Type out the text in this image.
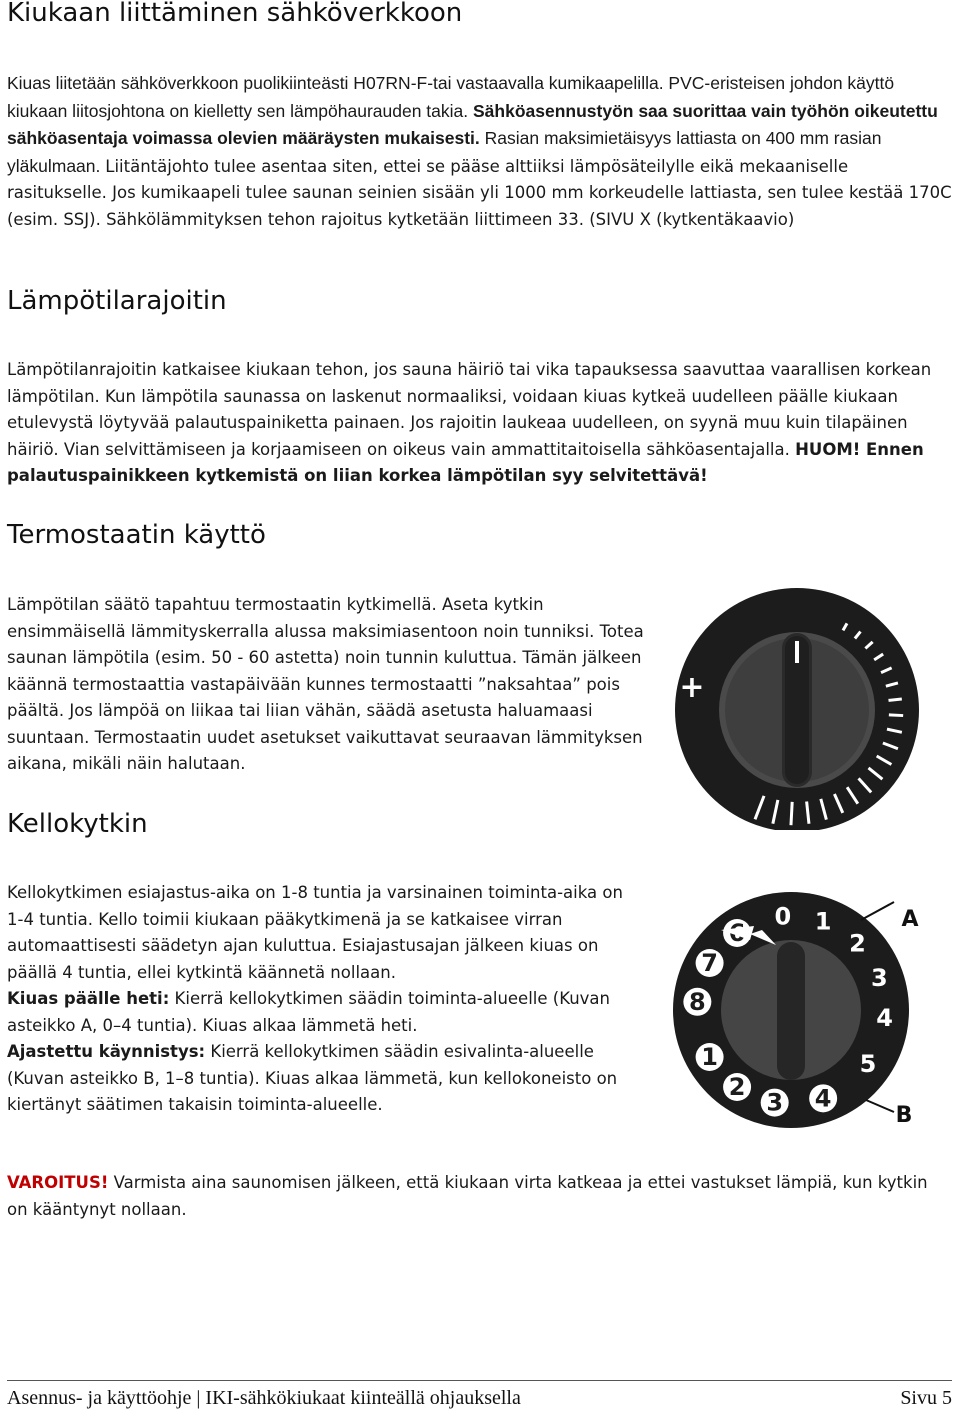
Kiukaan liittäminen sähköverkkoon

Kiuas liitetään sähköverkkoon puolikiinteästi H07RN-F-tai vastaavalla kumikaapelilla. PVC-eristeisen johdon käyttö kiukaan liitosjohtona on kielletty sen lämpöhaurauden takia. Sähköasennustyön saa suorittaa vain työhön oikeutettu sähköasentaja voimassa olevien määräysten mukaisesti. Rasian maksimietäisyys lattiasta on 400 mm rasian yläkulmaan. Liitäntäjohto tulee asentaa siten, ettei se pääse alttiiksi lämpösäteilylle eikä mekaaniselle rasitukselle. Jos kumikaapeli tulee saunan seinien sisään yli 1000 mm korkeudelle lattiasta, sen tulee kestää 170C (esim. SSJ). Sähkölämmityksen tehon rajoitus kytketään liittimeen 33. (SIVU X (kytkentäkaavio)

Lämpötilarajoitin

Lämpötilanrajoitin katkaisee kiukaan tehon, jos sauna häiriö tai vika tapauksessa saavuttaa vaarallisen korkean lämpötilan. Kun lämpötila saunassa on laskenut normaaliksi, voidaan kiuas kytkeä uudelleen päälle kiukaan etulevystä löytyvää palautuspainiketta painaen. Jos rajoitin laukeaa uudelleen, on syynä muu kuin tilapäinen häiriö. Vian selvittämiseen ja korjaamiseen on oikeus vain ammattitaitoisella sähköasentajalla. HUOM! Ennen palautuspainikkeen kytkemistä on liian korkea lämpötilan syy selvitettävä!

Termostaatin käyttö

Lämpötilan säätö tapahtuu termostaatin kytkimellä. Aseta kytkin ensimmäisellä lämmityskerralla alussa maksimiasentoon noin tunniksi. Totea saunan lämpötila (esim. 50 - 60 astetta) noin tunnin kuluttua. Tämän jälkeen käännä termostaattia vastapäivään kunnes termostaatti ”naksahtaa” pois päältä. Jos lämpöä on liikaa tai liian vähän, säädä asetusta haluamaasi suuntaan. Termostaatin uudet asetukset vaikuttavat seuraavan lämmityksen aikana, mikäli näin halutaan.

+
Kellokytkin

Kellokytkimen esiajastus-aika on 1-8 tuntia ja varsinainen toiminta-aika on 1-4 tuntia. Kello toimii kiukaan pääkytkimenä ja se katkaisee virran automaattisesti säädetyn ajan kuluttua. Esiajastusajan jälkeen kiuas on päällä 4 tuntia, ellei kytkintä käännetä nollaan.
Kiuas päälle heti: Kierrä kellokytkimen säädin toiminta-alueelle (Kuvan asteikko A, 0–4 tuntia). Kiuas alkaa lämmetä heti.
Ajastettu käynnistys: Kierrä kellokytkimen säädin esivalinta-alueelle (Kuvan asteikko B, 1–8 tuntia). Kiuas alkaa lämmetä, kun kellokoneisto on kiertänyt säätimen takaisin toiminta-alueelle.

0 1
2
3
4
5
4
3
2
1
8
7
A
B

VAROITUS! Varmista aina saunomisen jälkeen, että kiukaan virta katkeaa ja ettei vastukset lämpiä, kun kytkin on kääntynyt nollaan.

Asennus- ja käyttöohje | IKI-sähkökiukaat kiinteällä ohjauksella	Sivu 5
